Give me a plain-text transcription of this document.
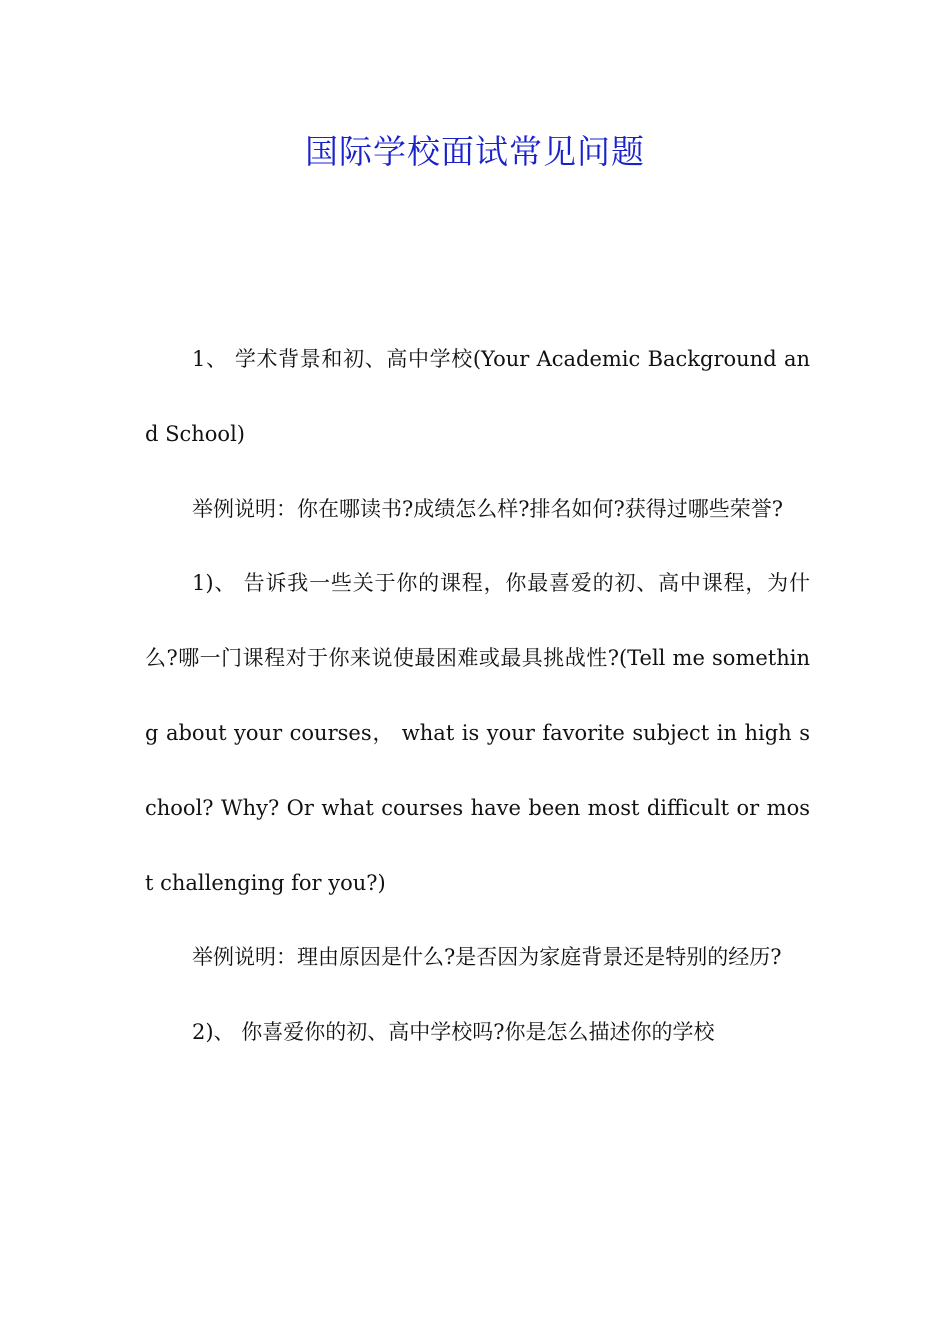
国际学校面试常见问题

1、 学术背景和初、高中学校(Your Academic Background and School)

举例说明：你在哪读书?成绩怎么样?排名如何?获得过哪些荣誉?

1)、 告诉我一些关于你的课程，你最喜爱的初、高中课程，为什么?哪一门课程对于你来说使最困难或最具挑战性?(Tell me something about your courses， what is your favorite subject in high school? Why? Or what courses have been most difficult or most challenging for you?)

举例说明：理由原因是什么?是否因为家庭背景还是特别的经历?

2)、 你喜爱你的初、高中学校吗?你是怎么描述你的学校
